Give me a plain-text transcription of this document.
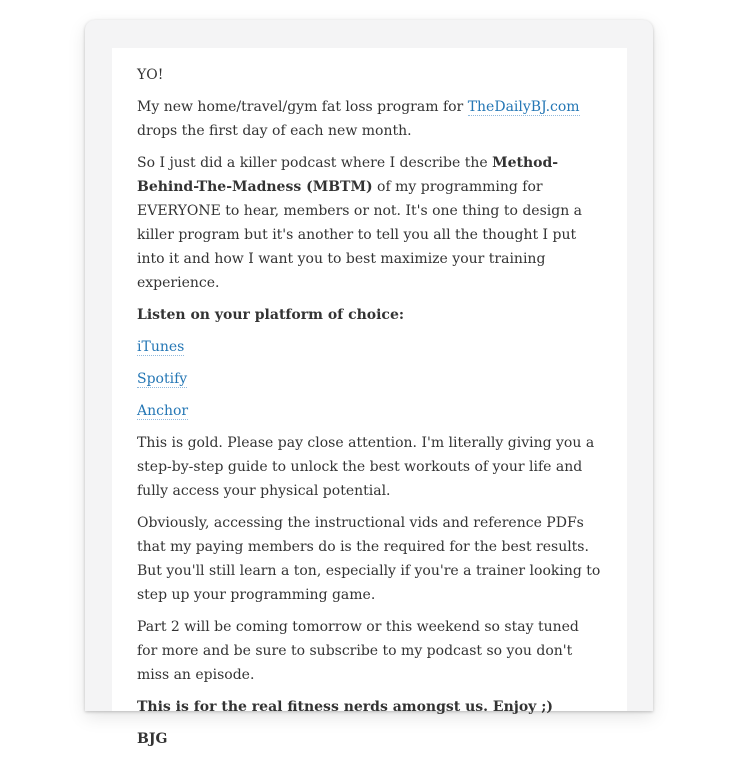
YO!

My new home/travel/gym fat loss program for TheDailyBJ.com drops the first day of each new month.

So I just did a killer podcast where I describe the Method-Behind-The-Madness (MBTM) of my programming for EVERYONE to hear, members or not. It's one thing to design a killer program but it's another to tell you all the thought I put into it and how I want you to best maximize your training experience.

Listen on your platform of choice:

iTunes

Spotify

Anchor

This is gold. Please pay close attention. I'm literally giving you a step-by-step guide to unlock the best workouts of your life and fully access your physical potential.

Obviously, accessing the instructional vids and reference PDFs that my paying members do is the required for the best results. But you'll still learn a ton, especially if you're a trainer looking to step up your programming game.

Part 2 will be coming tomorrow or this weekend so stay tuned for more and be sure to subscribe to my podcast so you don't miss an episode.

This is for the real fitness nerds amongst us. Enjoy ;)

BJG
